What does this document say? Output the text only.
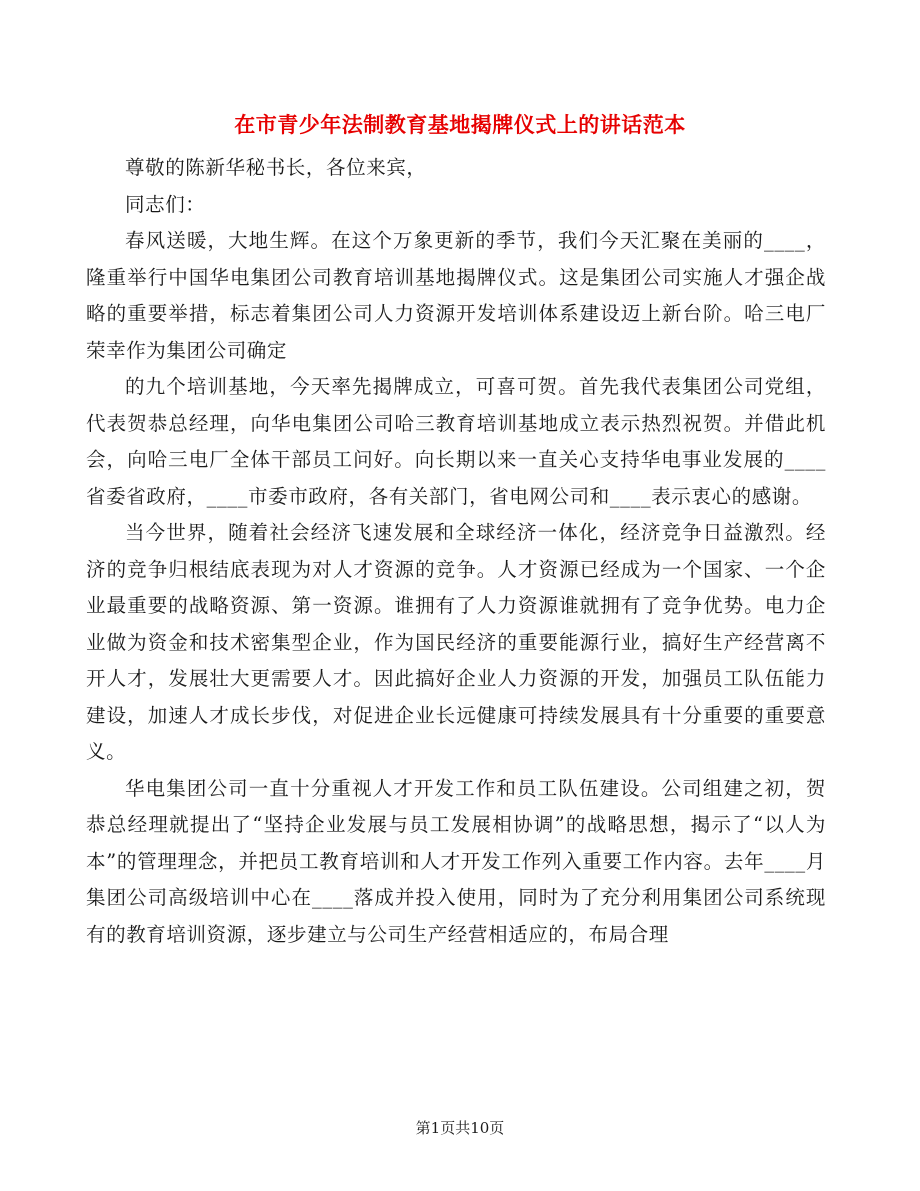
在市青少年法制教育基地揭牌仪式上的讲话范本

尊敬的陈新华秘书长，各位来宾，

同志们：

春风送暖，大地生辉。在这个万象更新的季节，我们今天汇聚在美丽的____，隆重举行中国华电集团公司教育培训基地揭牌仪式。这是集团公司实施人才强企战略的重要举措，标志着集团公司人力资源开发培训体系建设迈上新台阶。哈三电厂荣幸作为集团公司确定

的九个培训基地，今天率先揭牌成立，可喜可贺。首先我代表集团公司党组，代表贺恭总经理，向华电集团公司哈三教育培训基地成立表示热烈祝贺。并借此机会，向哈三电厂全体干部员工问好。向长期以来一直关心支持华电事业发展的____省委省政府，____市委市政府，各有关部门，省电网公司和____表示衷心的感谢。

当今世界，随着社会经济飞速发展和全球经济一体化，经济竞争日益激烈。经济的竞争归根结底表现为对人才资源的竞争。人才资源已经成为一个国家、一个企业最重要的战略资源、第一资源。谁拥有了人力资源谁就拥有了竞争优势。电力企业做为资金和技术密集型企业，作为国民经济的重要能源行业，搞好生产经营离不开人才，发展壮大更需要人才。因此搞好企业人力资源的开发，加强员工队伍能力建设，加速人才成长步伐，对促进企业长远健康可持续发展具有十分重要的重要意义。

华电集团公司一直十分重视人才开发工作和员工队伍建设。公司组建之初，贺恭总经理就提出了“坚持企业发展与员工发展相协调”的战略思想，揭示了“以人为本”的管理理念，并把员工教育培训和人才开发工作列入重要工作内容。去年____月集团公司高级培训中心在____落成并投入使用，同时为了充分利用集团公司系统现有的教育培训资源，逐步建立与公司生产经营相适应的，布局合理

第1页共10页
